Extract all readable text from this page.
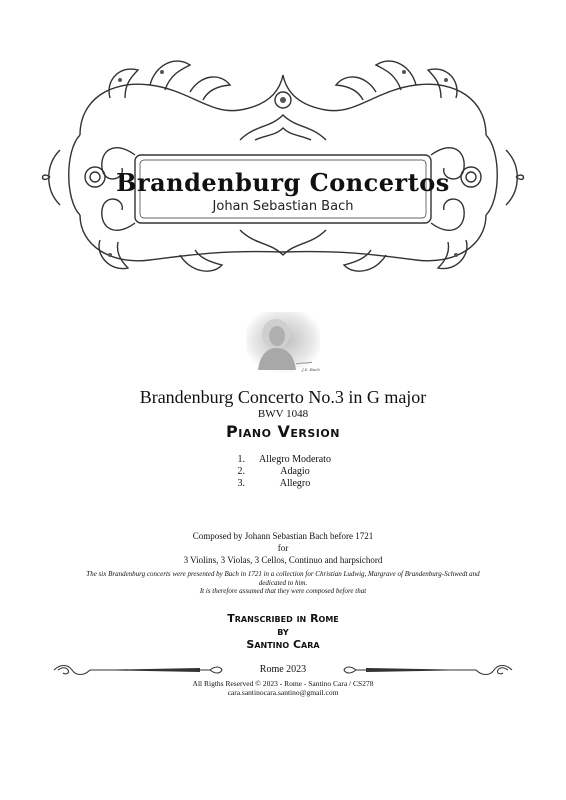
Brandenburg Concertos
Johan Sebastian Bach
J.S. Bach
Brandenburg Concerto No.3 in G major
BWV 1048
Piano Version
1.	Allegro Moderato
2.	Adagio
3.	Allegro
Composed by Johann Sebastian Bach before 1721
for
3 Violins, 3 Violas, 3 Cellos, Continuo and harpsichord
The six Brandenburg concerts were presented by Bach in 1721 in a collection for Christian Ludwig, Margrave of Brandenburg-Schwedt and
dedicated to him.
It is therefore assumed that they were composed before that
Transcribed in Rome
by
Santino Cara
Rome 2023
All Rigths Reserved © 2023 - Rome - Santino Cara / CS278
cara.santinocara.santino@gmail.com
